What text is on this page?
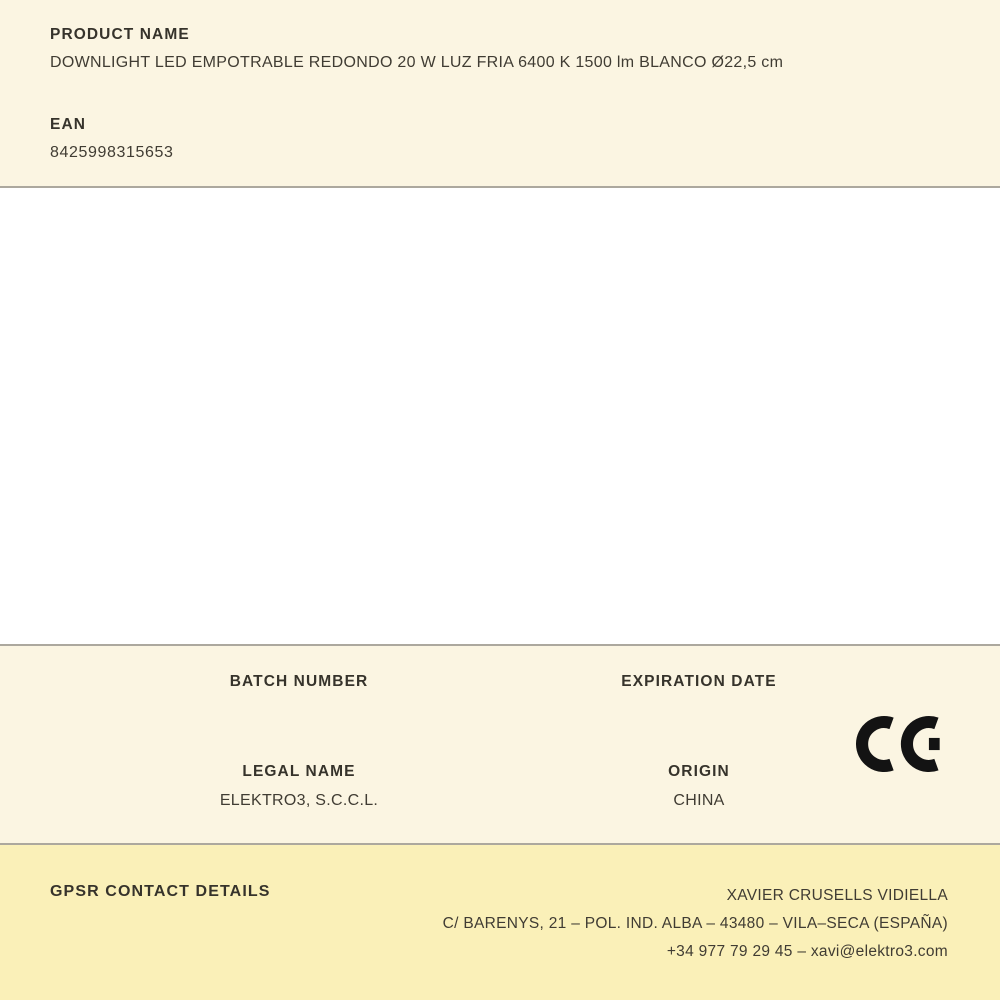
PRODUCT NAME
DOWNLIGHT LED EMPOTRABLE REDONDO 20 W LUZ FRIA 6400 K 1500 lm BLANCO Ø22,5 cm
EAN
8425998315653
BATCH NUMBER	EXPIRATION DATE
LEGAL NAME
ELEKTRO3, S.C.C.L.
ORIGIN
CHINA
GPSR CONTACT DETAILS	XAVIER CRUSELLS VIDIELLA
C/ BARENYS, 21 – POL. IND. ALBA – 43480 – VILA–SECA (ESPAÑA)
+34 977 79 29 45 – xavi@elektro3.com
